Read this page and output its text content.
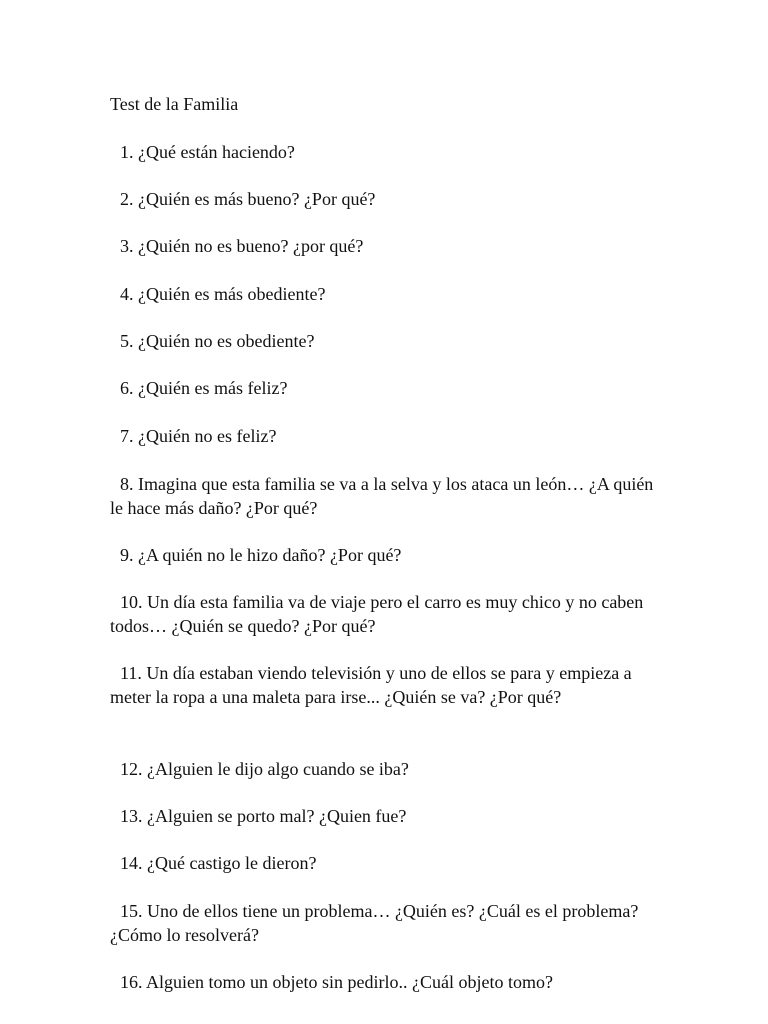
Test de la Familia

1. ¿Qué están haciendo?

2. ¿Quién es más bueno? ¿Por qué?

3. ¿Quién no es bueno? ¿por qué?

4. ¿Quién es más obediente?

5. ¿Quién no es obediente?

6. ¿Quién es más feliz?

7. ¿Quién no es feliz?

8. Imagina que esta familia se va a la selva y los ataca un león… ¿A quién le hace más daño? ¿Por qué?

9. ¿A quién no le hizo daño? ¿Por qué?

10. Un día esta familia va de viaje pero el carro es muy chico y no caben todos… ¿Quién se quedo? ¿Por qué?

11. Un día estaban viendo televisión y uno de ellos se para y empieza a meter la ropa a una maleta para irse... ¿Quién se va? ¿Por qué?

12. ¿Alguien le dijo algo cuando se iba?

13. ¿Alguien se porto mal? ¿Quien fue?

14. ¿Qué castigo le dieron?

15. Uno de ellos tiene un problema… ¿Quién es? ¿Cuál es el problema? ¿Cómo lo resolverá?

16. Alguien tomo un objeto sin pedirlo.. ¿Cuál objeto tomo?
